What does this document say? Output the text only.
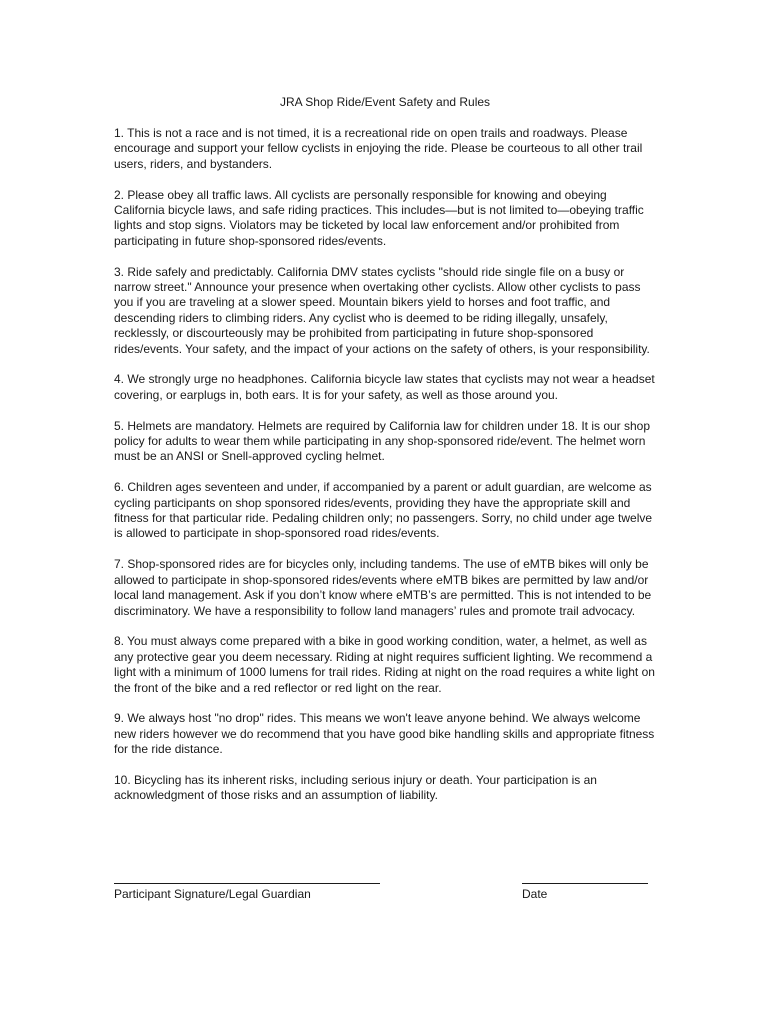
JRA Shop Ride/Event Safety and Rules

1. This is not a race and is not timed, it is a recreational ride on open trails and roadways. Please encourage and support your fellow cyclists in enjoying the ride. Please be courteous to all other trail users, riders, and bystanders.

2. Please obey all traffic laws. All cyclists are personally responsible for knowing and obeying California bicycle laws, and safe riding practices. This includes—but is not limited to—obeying traffic lights and stop signs. Violators may be ticketed by local law enforcement and/or prohibited from participating in future shop-sponsored rides/events.

3. Ride safely and predictably. California DMV states cyclists "should ride single file on a busy or narrow street." Announce your presence when overtaking other cyclists. Allow other cyclists to pass you if you are traveling at a slower speed. Mountain bikers yield to horses and foot traffic, and descending riders to climbing riders. Any cyclist who is deemed to be riding illegally, unsafely, recklessly, or discourteously may be prohibited from participating in future shop-sponsored rides/events. Your safety, and the impact of your actions on the safety of others, is your responsibility.

4. We strongly urge no headphones. California bicycle law states that cyclists may not wear a headset covering, or earplugs in, both ears. It is for your safety, as well as those around you.

5. Helmets are mandatory. Helmets are required by California law for children under 18. It is our shop policy for adults to wear them while participating in any shop-sponsored ride/event. The helmet worn must be an ANSI or Snell-approved cycling helmet.

6. Children ages seventeen and under, if accompanied by a parent or adult guardian, are welcome as cycling participants on shop sponsored rides/events, providing they have the appropriate skill and fitness for that particular ride. Pedaling children only; no passengers. Sorry, no child under age twelve is allowed to participate in shop-sponsored road rides/events.

7. Shop-sponsored rides are for bicycles only, including tandems. The use of eMTB bikes will only be allowed to participate in shop-sponsored rides/events where eMTB bikes are permitted by law and/or local land management. Ask if you don’t know where eMTB’s are permitted. This is not intended to be discriminatory. We have a responsibility to follow land managers’ rules and promote trail advocacy.

8. You must always come prepared with a bike in good working condition, water, a helmet, as well as any protective gear you deem necessary. Riding at night requires sufficient lighting. We recommend a light with a minimum of 1000 lumens for trail rides. Riding at night on the road requires a white light on the front of the bike and a red reflector or red light on the rear.

9. We always host "no drop" rides. This means we won't leave anyone behind. We always welcome new riders however we do recommend that you have good bike handling skills and appropriate fitness for the ride distance.

10. Bicycling has its inherent risks, including serious injury or death. Your participation is an acknowledgment of those risks and an assumption of liability.

Participant Signature/Legal Guardian	Date
